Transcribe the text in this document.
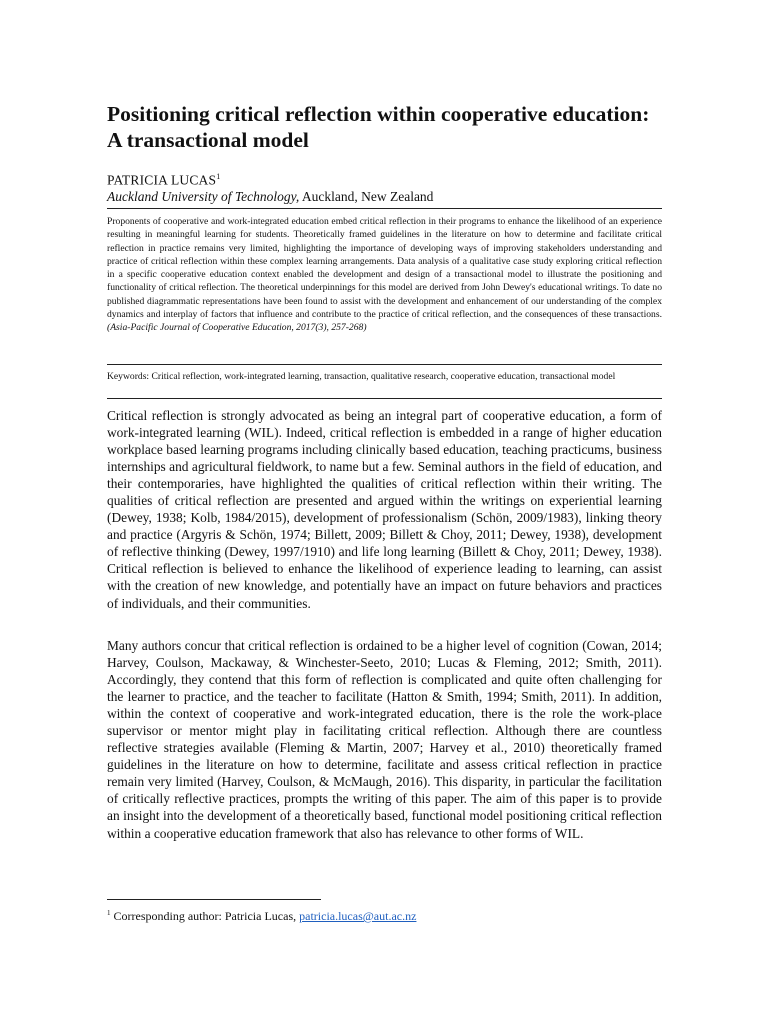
Positioning critical reflection within cooperative education: A transactional model
PATRICIA LUCAS$^1$
Auckland University of Technology, Auckland, New Zealand

Proponents of cooperative and work-integrated education embed critical reflection in their programs to enhance the likelihood of an experience resulting in meaningful learning for students. Theoretically framed guidelines in the literature on how to determine and facilitate critical reflection in practice remains very limited, highlighting the importance of developing ways of improving stakeholders understanding and practice of critical reflection within these complex learning arrangements. Data analysis of a qualitative case study exploring critical reflection in a specific cooperative education context enabled the development and design of a transactional model to illustrate the positioning and functionality of critical reflection. The theoretical underpinnings for this model are derived from John Dewey's educational writings. To date no published diagrammatic representations have been found to assist with the development and enhancement of our understanding of the complex dynamics and interplay of factors that influence and contribute to the practice of critical reflection, and the consequences of these transactions. (Asia-Pacific Journal of Cooperative Education, 2017(3), 257-268)

Keywords: Critical reflection, work-integrated learning, transaction, qualitative research, cooperative education, transactional model

Critical reflection is strongly advocated as being an integral part of cooperative education, a form of work-integrated learning (WIL). Indeed, critical reflection is embedded in a range of higher education workplace based learning programs including clinically based education, teaching practicums, business internships and agricultural fieldwork, to name but a few. Seminal authors in the field of education, and their contemporaries, have highlighted the qualities of critical reflection within their writing. The qualities of critical reflection are presented and argued within the writings on experiential learning (Dewey, 1938; Kolb, 1984/2015), development of professionalism (Schön, 2009/1983), linking theory and practice (Argyris & Schön, 1974; Billett, 2009; Billett & Choy, 2011; Dewey, 1938), development of reflective thinking (Dewey, 1997/1910) and life long learning (Billett & Choy, 2011; Dewey, 1938). Critical reflection is believed to enhance the likelihood of experience leading to learning, can assist with the creation of new knowledge, and potentially have an impact on future behaviors and practices of individuals, and their communities.

Many authors concur that critical reflection is ordained to be a higher level of cognition (Cowan, 2014; Harvey, Coulson, Mackaway, & Winchester-Seeto, 2010; Lucas & Fleming, 2012; Smith, 2011). Accordingly, they contend that this form of reflection is complicated and quite often challenging for the learner to practice, and the teacher to facilitate (Hatton & Smith, 1994; Smith, 2011). In addition, within the context of cooperative and work-integrated education, there is the role the work-place supervisor or mentor might play in facilitating critical reflection. Although there are countless reflective strategies available (Fleming & Martin, 2007; Harvey et al., 2010) theoretically framed guidelines in the literature on how to determine, facilitate and assess critical reflection in practice remain very limited (Harvey, Coulson, & McMaugh, 2016). This disparity, in particular the facilitation of critically reflective practices, prompts the writing of this paper. The aim of this paper is to provide an insight into the development of a theoretically based, functional model positioning critical reflection within a cooperative education framework that also has relevance to other forms of WIL.

$^1$ Corresponding author: Patricia Lucas, patricia.lucas@aut.ac.nz
